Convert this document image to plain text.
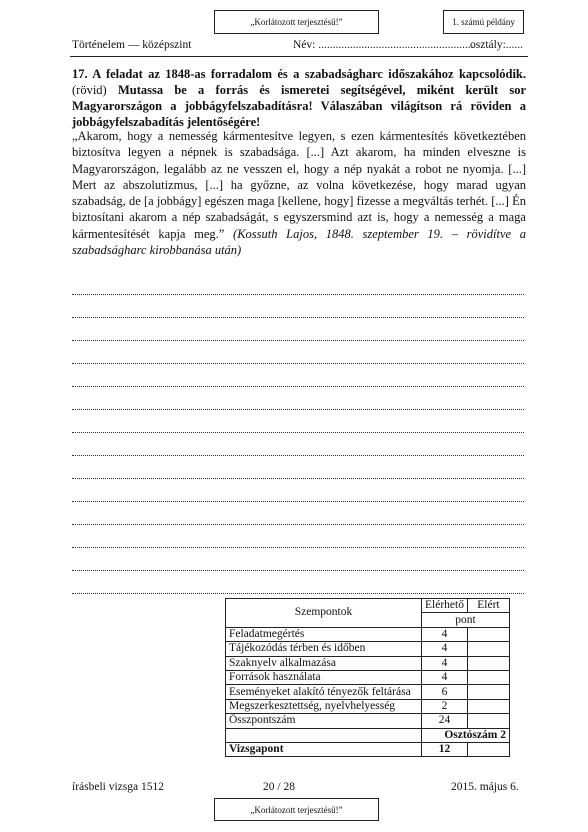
„Korlátozott terjesztésű!”	1. számú példány
Történelem — középszint	Név: ......................................................
osztály:......
17. A feladat az 1848-as forradalom és a szabadságharc időszakához kapcsolódik. (rövid) Mutassa be a forrás és ismeretei segítségével, miként került sor Magyarországon a jobbágyfelszabadításra! Válaszában világítson rá röviden a jobbágyfelszabadítás jelentőségére!
„Akarom, hogy a nemesség kármentesítve legyen, s ezen kármentesítés következtében biztosítva legyen a népnek is szabadsága. [...] Azt akarom, ha minden elveszne is Magyarországon, legalább az ne vesszen el, hogy a nép nyakát a robot ne nyomja. [...] Mert az abszolutizmus, [...] ha győzne, az volna következése, hogy marad ugyan szabadság, de [a jobbágy] egészen maga [kellene, hogy] fizesse a megváltás terhét. [...] Én biztosítani akarom a nép szabadságát, s egyszersmind azt is, hogy a nemesség a maga kármentesítését kapja meg.” (Kossuth Lajos, 1848. szeptember 19. – rövidítve a szabadságharc kirobbanása után)
Szempontok	Elérhető	Elért
	pont	
Feladatmegértés	4	
Tájékozódás térben és időben	4	
Szaknyelv alkalmazása	4	
Források használata	4	
Eseményeket alakító tényezők feltárása	6	
Megszerkesztettség, nyelvhelyesség	2	
Összpontszám	24	
	Osztószám 2	
Vizsgapont	12	
írásbeli vizsga 1512	20 / 28	2015. május 6.
„Korlátozott terjesztésű!”
